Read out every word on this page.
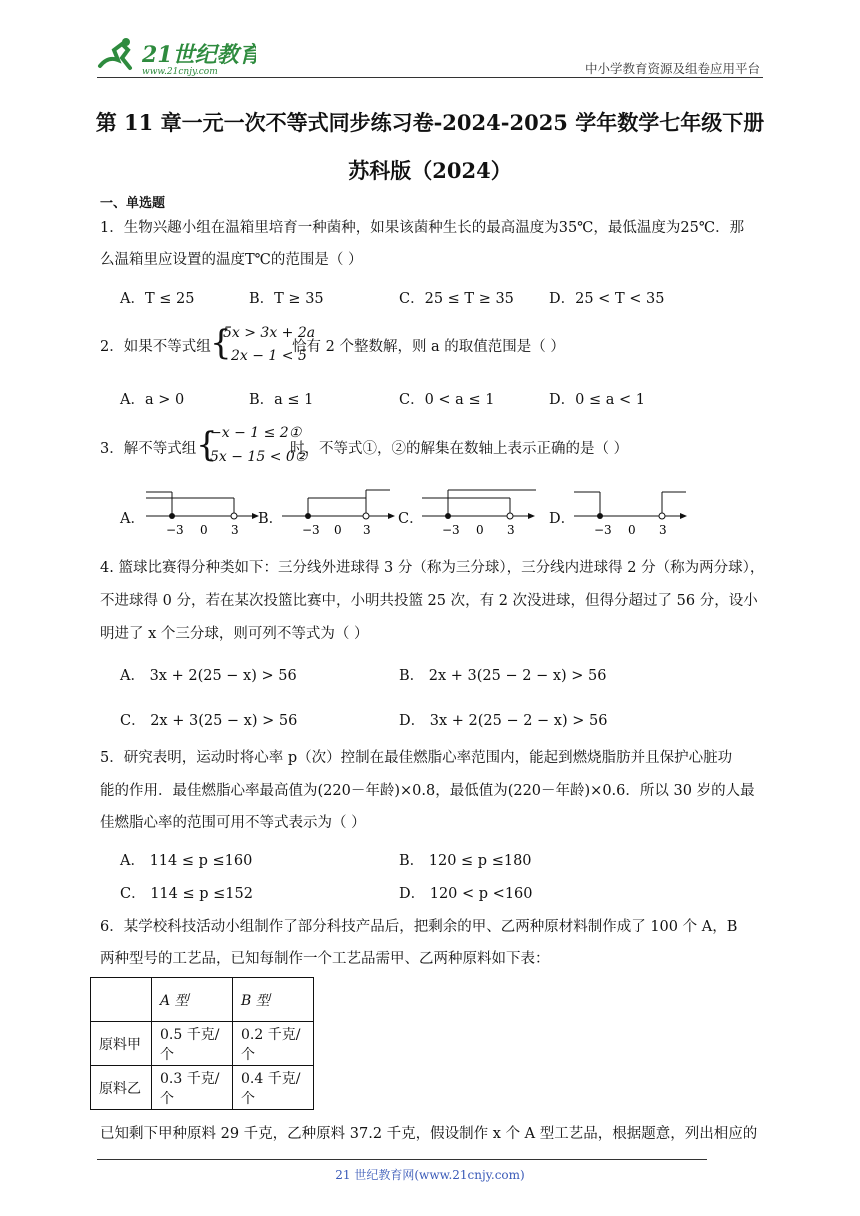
21世纪教育
www.21cnjy.com	中小学教育资源及组卷应用平台
第 11 章一元一次不等式同步练习卷-2024-2025 学年数学七年级下册
苏科版（2024）
一、单选题
1．生物兴趣小组在温箱里培育一种菌种，如果该菌种生长的最高温度为35℃，最低温度为25℃．那
么温箱里应设置的温度T℃的范围是（ ）
A．T ≤ 25	B．T ≥ 35	C．25 ≤ T ≥ 35 D．25 < T < 35
2．如果不等式组 {
5x > 3x + 2a
2x − 1 < 5
恰有 2 个整数解，则 a 的取值范围是（ ）
A．a > 0	B．a ≤ 1	C．0 < a ≤ 1	D．0 ≤ a < 1
3．解不等式组 {
−x − 1 ≤ 2①
5x − 15 < 0②
时，不等式①，②的解集在数轴上表示正确的是（ ）
A．
−3 0 3
B．
−3 0 3
C．
−3 0 3
D．
−3 0 3
4. 篮球比赛得分种类如下：三分线外进球得 3 分（称为三分球），三分线内进球得 2 分（称为两分球），
不进球得 0 分，若在某次投篮比赛中，小明共投篮 25 次，有 2 次没进球，但得分超过了 56 分，设小
明进了 x 个三分球，则可列不等式为（ ）
A． 3x + 2(25 − x) > 56	B． 2x + 3(25 − 2 − x) > 56
C． 2x + 3(25 − x) > 56	D． 3x + 2(25 − 2 − x) > 56
5．研究表明，运动时将心率 p（次）控制在最佳燃脂心率范围内，能起到燃烧脂肪并且保护心脏功
能的作用．最佳燃脂心率最高值为(220－年龄)×0.8，最低值为(220－年龄)×0.6．所以 30 岁的人最
佳燃脂心率的范围可用不等式表示为（ ）
A． 114 ≤ p ≤160	B． 120 ≤ p ≤180
C． 114 ≤ p ≤152	D． 120 < p <160
6．某学校科技活动小组制作了部分科技产品后，把剩余的甲、乙两种原材料制作成了 100 个 A，B
两种型号的工艺品，已知每制作一个工艺品需甲、乙两种原料如下表：
	A 型	B 型
原料甲	0.5 千克/个	0.2 千克/个
原料乙	0.3 千克/个	0.4 千克/个
已知剩下甲种原料 29 千克，乙种原料 37.2 千克，假设制作 x 个 A 型工艺品，根据题意，列出相应的
21 世纪教育网(www.21cnjy.com)
